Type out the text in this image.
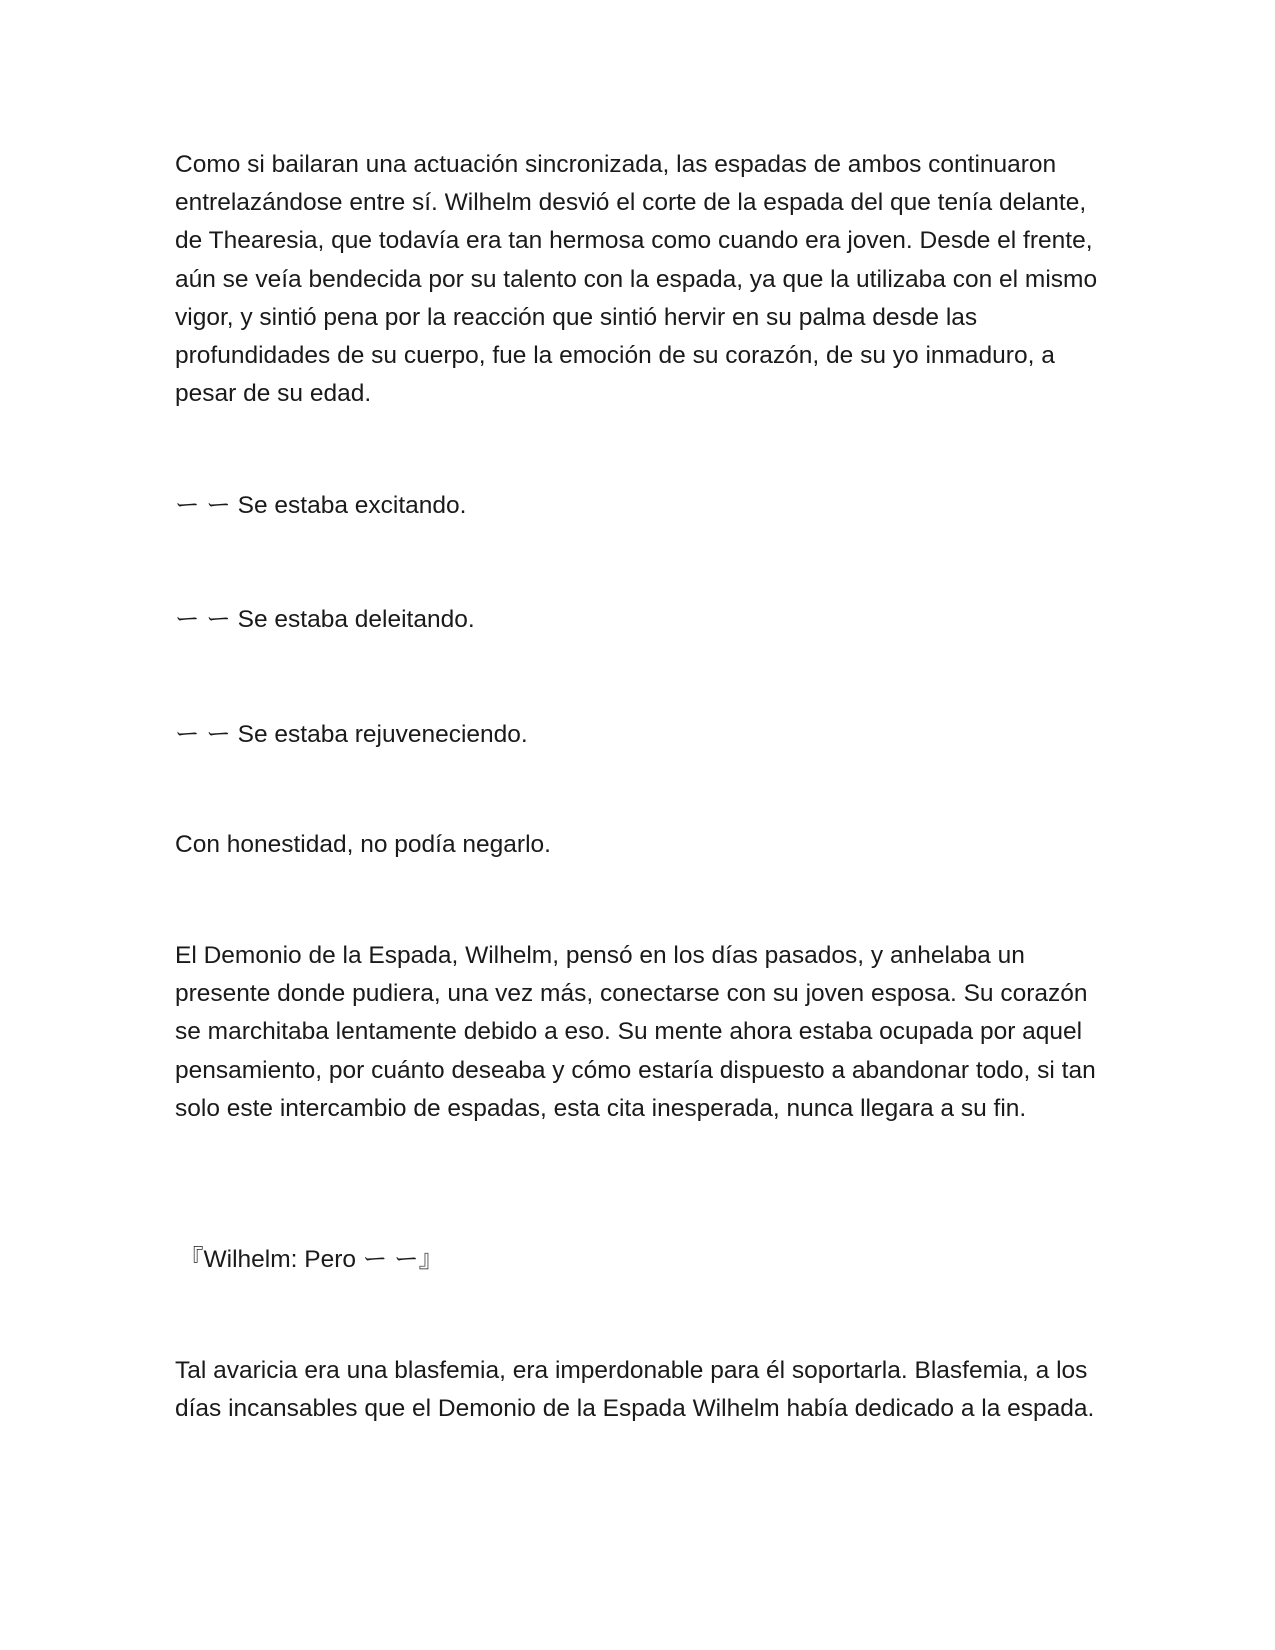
Como si bailaran una actuación sincronizada, las espadas de ambos continuaron entrelazándose entre sí. Wilhelm desvió el corte de la espada del que tenía delante, de Thearesia, que todavía era tan hermosa como cuando era joven. Desde el frente, aún se veía bendecida por su talento con la espada, ya que la utilizaba con el mismo vigor, y sintió pena por la reacción que sintió hervir en su palma desde las profundidades de su cuerpo, fue la emoción de su corazón, de su yo inmaduro, a pesar de su edad.

ー ー Se estaba excitando.

ー ー Se estaba deleitando.

ー ー Se estaba rejuveneciendo.

Con honestidad, no podía negarlo.

El Demonio de la Espada, Wilhelm, pensó en los días pasados, y anhelaba un presente donde pudiera, una vez más, conectarse con su joven esposa. Su corazón se marchitaba lentamente debido a eso. Su mente ahora estaba ocupada por aquel pensamiento, por cuánto deseaba y cómo estaría dispuesto a abandonar todo, si tan solo este intercambio de espadas, esta cita inesperada, nunca llegara a su fin.

『Wilhelm: Pero ー ー』

Tal avaricia era una blasfemia, era imperdonable para él soportarla. Blasfemia, a los días incansables que el Demonio de la Espada Wilhelm había dedicado a la espada.
